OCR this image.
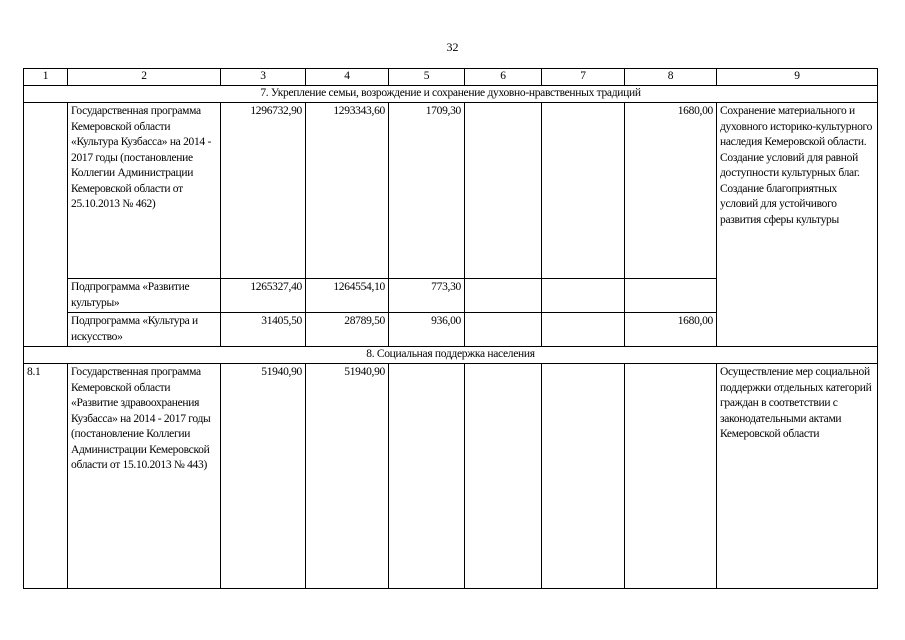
32
1	2	3	4	5	6	7	8	9
7. Укрепление семьи, возрождение и сохранение духовно-нравственных традиций								
	Государственная программа Кемеровской области «Культура Кузбасса» на 2014 - 2017 годы (постановление Коллегии Администрации Кемеровской области от 25.10.2013 № 462)	1296732,90	1293343,60	1709,30			1680,00	Сохранение материального и духовного историко-культурного наследия Кемеровской области. Создание условий для равной доступности культурных благ. Создание благоприятных условий для устойчивого развития сферы культуры
	Подпрограмма «Развитие культуры»	1265327,40	1264554,10	773,30				
	Подпрограмма «Культура и искусство»	31405,50	28789,50	936,00			1680,00	
8. Социальная поддержка населения								
8.1	Государственная программа Кемеровской области «Развитие здравоохранения Кузбасса» на 2014 - 2017 годы (постановление Коллегии Администрации Кемеровской области от 15.10.2013 № 443)	51940,90	51940,90					Осуществление мер социальной поддержки отдельных категорий граждан в соответствии с законодательными актами Кемеровской области
